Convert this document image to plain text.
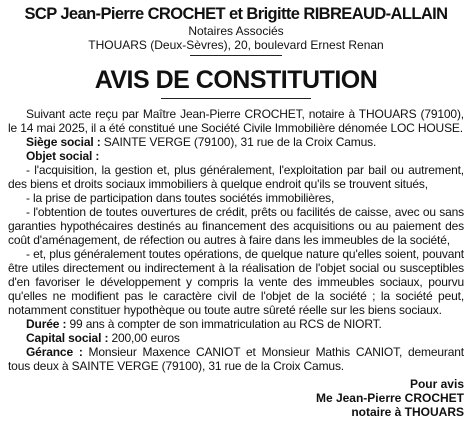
SCP Jean-Pierre CROCHET et Brigitte RIBREAUD-ALLAIN
Notaires Associés
THOUARS (Deux-Sèvres), 20, boulevard Ernest Renan
AVIS DE CONSTITUTION

Suivant acte reçu par Maître Jean-Pierre CROCHET, notaire à THOUARS (79100), le 14 mai 2025, il a été constitué une Société Civile Immobilière dénomée LOC HOUSE.

Siège social : SAINTE VERGE (79100), 31 rue de la Croix Camus.

Objet social :

- l'acquisition, la gestion et, plus généralement, l'exploitation par bail ou autrement, des biens et droits sociaux immobiliers à quelque endroit qu'ils se trouvent situés,

- la prise de participation dans toutes sociétés immobilières,

- l'obtention de toutes ouvertures de crédit, prêts ou facilités de caisse, avec ou sans garanties hypothécaires destinés au financement des acquisitions ou au paiement des coût d'aménagement, de réfection ou autres à faire dans les immeubles de la société,

- et, plus généralement toutes opérations, de quelque nature qu'elles soient, pouvant être utiles directement ou indirectement à la réalisation de l'objet social ou susceptibles d'en favoriser le développement y compris la vente des immeubles sociaux, pourvu qu'elles ne modifient pas le caractère civil de l'objet de la société ; la société peut, notamment constituer hypothèque ou toute autre sûreté réelle sur les biens sociaux.

Durée : 99 ans à compter de son immatriculation au RCS de NIORT.

Capital social : 200,00 euros

Gérance : Monsieur Maxence CANIOT et Monsieur Mathis CANIOT, demeurant tous deux à SAINTE VERGE (79100), 31 rue de la Croix Camus.

Pour avis
Me Jean-Pierre CROCHET
notaire à THOUARS
